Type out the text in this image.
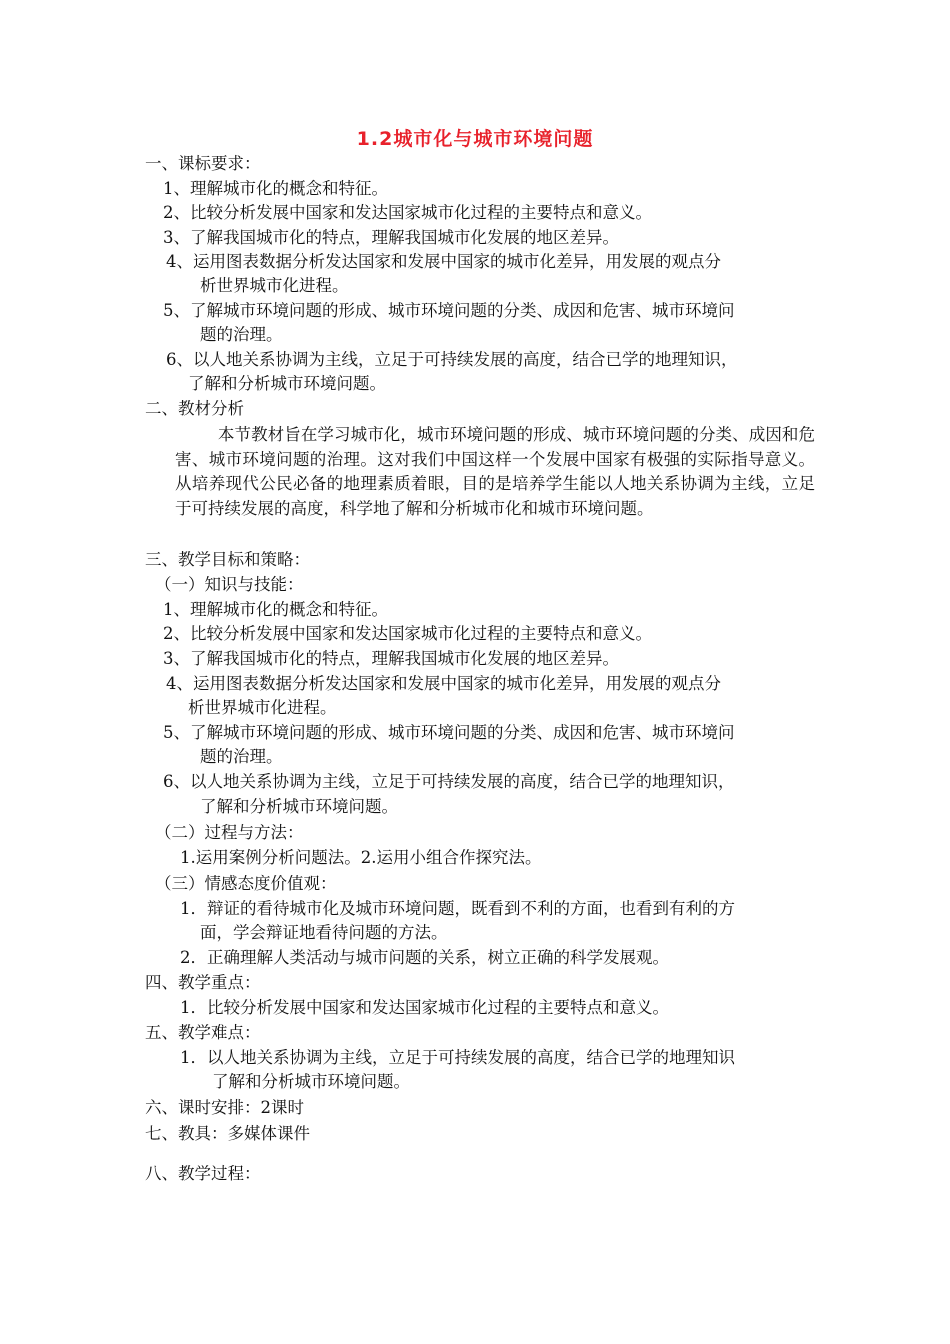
1.2城市化与城市环境问题
一、课标要求：
1、理解城市化的概念和特征。
2、比较分析发展中国家和发达国家城市化过程的主要特点和意义。
3、了解我国城市化的特点，理解我国城市化发展的地区差异。
4、运用图表数据分析发达国家和发展中国家的城市化差异，用发展的观点分
析世界城市化进程。
5、了解城市环境问题的形成、城市环境问题的分类、成因和危害、城市环境问
题的治理。
6、以人地关系协调为主线，立足于可持续发展的高度，结合已学的地理知识，
了解和分析城市环境问题。
二、教材分析
本节教材旨在学习城市化，城市环境问题的形成、城市环境问题的分类、成因和危害、城市环境问题的治理。这对我们中国这样一个发展中国家有极强的实际指导意义。从培养现代公民必备的地理素质着眼，目的是培养学生能以人地关系协调为主线，立足于可持续发展的高度，科学地了解和分析城市化和城市环境问题。
三、教学目标和策略：
（一）知识与技能：
1、理解城市化的概念和特征。
2、比较分析发展中国家和发达国家城市化过程的主要特点和意义。
3、了解我国城市化的特点，理解我国城市化发展的地区差异。
4、运用图表数据分析发达国家和发展中国家的城市化差异，用发展的观点分
析世界城市化进程。
5、了解城市环境问题的形成、城市环境问题的分类、成因和危害、城市环境问
题的治理。
6、以人地关系协调为主线，立足于可持续发展的高度，结合已学的地理知识，
了解和分析城市环境问题。
（二）过程与方法：
1.运用案例分析问题法。2.运用小组合作探究法。
（三）情感态度价值观：
1．辩证的看待城市化及城市环境问题，既看到不利的方面，也看到有利的方
面，学会辩证地看待问题的方法。
2．正确理解人类活动与城市问题的关系，树立正确的科学发展观。
四、教学重点：
1．比较分析发展中国家和发达国家城市化过程的主要特点和意义。
五、教学难点：
1．以人地关系协调为主线，立足于可持续发展的高度，结合已学的地理知识
了解和分析城市环境问题。
六、课时安排：2课时
七、教具：多媒体课件
八、教学过程：
